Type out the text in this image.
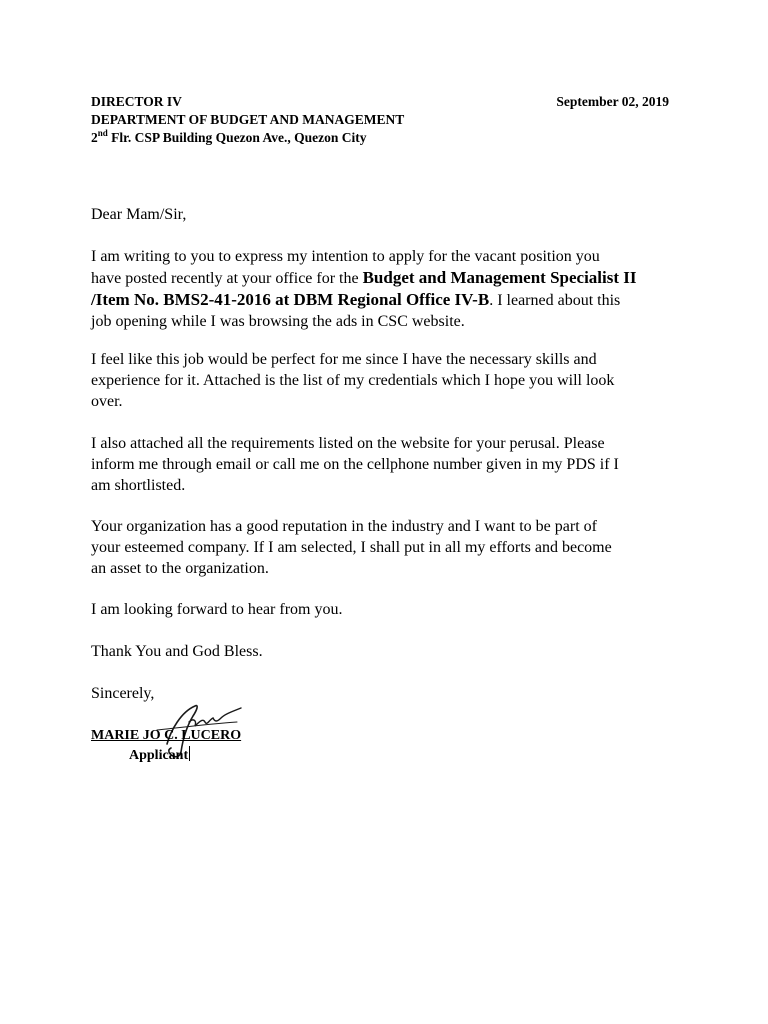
DIRECTOR IV
DEPARTMENT OF BUDGET AND MANAGEMENT
2nd Flr. CSP Building Quezon Ave., Quezon City
September 02, 2019
Dear Mam/Sir,
I am writing to you to express my intention to apply for the vacant position you
have posted recently at your office for the Budget and Management Specialist II
/Item No. BMS2-41-2016 at DBM Regional Office IV-B. I learned about this
job opening while I was browsing the ads in CSC website.
I feel like this job would be perfect for me since I have the necessary skills and
experience for it. Attached is the list of my credentials which I hope you will look
over.
I also attached all the requirements listed on the website for your perusal. Please
inform me through email or call me on the cellphone number given in my PDS if I
am shortlisted.
Your organization has a good reputation in the industry and I want to be part of
your esteemed company. If I am selected, I shall put in all my efforts and become
an asset to the organization.
I am looking forward to hear from you.
Thank You and God Bless.
Sincerely,
MARIE JO C. LUCERO
Applicant
